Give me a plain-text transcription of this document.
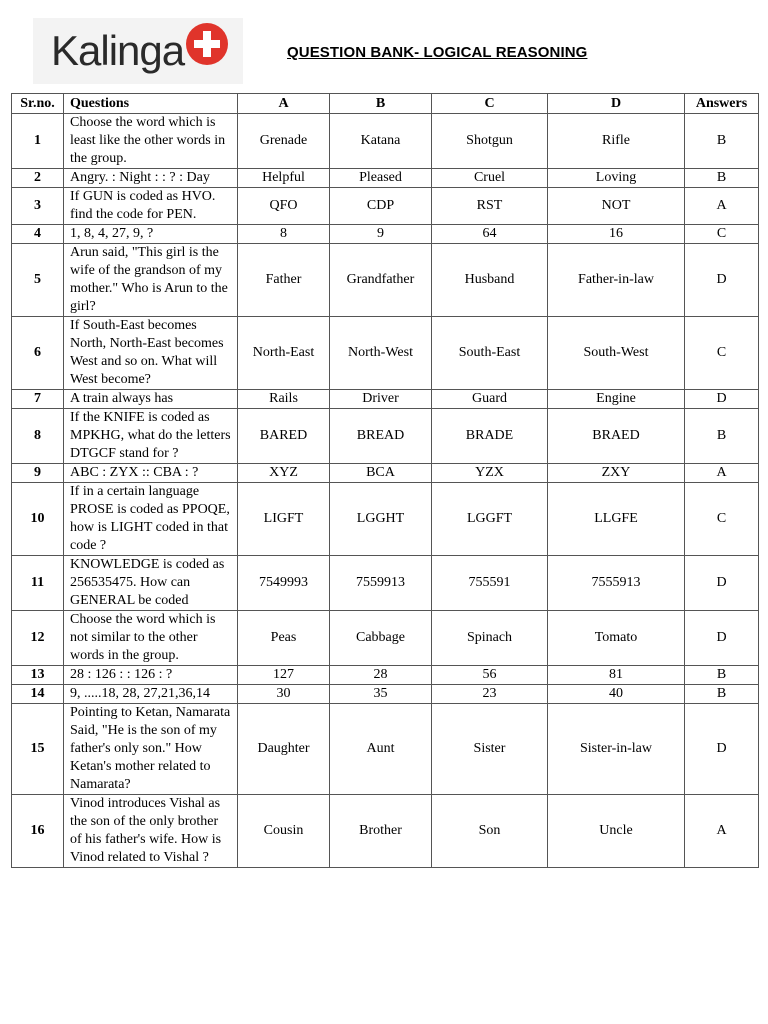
Kalinga	QUESTION BANK- LOGICAL REASONING
Sr.no.	Questions	A	B	C	D	Answers
1	Choose the word which is least like the other words in the group.	Grenade	Katana	Shotgun	Rifle	B
2	Angry. : Night : : ? : Day	Helpful	Pleased	Cruel	Loving	B
3	If GUN is coded as HVO. find the code for PEN.	QFO	CDP	RST	NOT	A
4	1, 8, 4, 27, 9, ?	8	9	64	16	C
5	Arun said, "This girl is the wife of the grandson of my mother." Who is Arun to the girl?	Father	Grandfather	Husband	Father-in-law	D
6	If South-East becomes North, North-East becomes West and so on. What will West become?	North-East	North-West	South-East	South-West	C
7	A train always has	Rails	Driver	Guard	Engine	D
8	If the KNIFE is coded as MPKHG, what do the letters DTGCF stand for ?	BARED	BREAD	BRADE	BRAED	B
9	ABC : ZYX :: CBA : ?	XYZ	BCA	YZX	ZXY	A
10	If in a certain language PROSE is coded as PPOQE, how is LIGHT coded in that code ?	LIGFT	LGGHT	LGGFT	LLGFE	C
11	KNOWLEDGE is coded as 256535475. How can GENERAL be coded	7549993	7559913	755591	7555913	D
12	Choose the word which is not similar to the other words in the group.	Peas	Cabbage	Spinach	Tomato	D
13	28 : 126 : : 126 : ?	127	28	56	81	B
14	9, .....18, 28, 27,21,36,14	30	35	23	40	B
15	Pointing to Ketan, Namarata Said, "He is the son of my father's only son." How Ketan's mother related to Namarata?	Daughter	Aunt	Sister	Sister-in-law	D
16	Vinod introduces Vishal as the son of the only brother of his father's wife. How is Vinod related to Vishal ?	Cousin	Brother	Son	Uncle	A
